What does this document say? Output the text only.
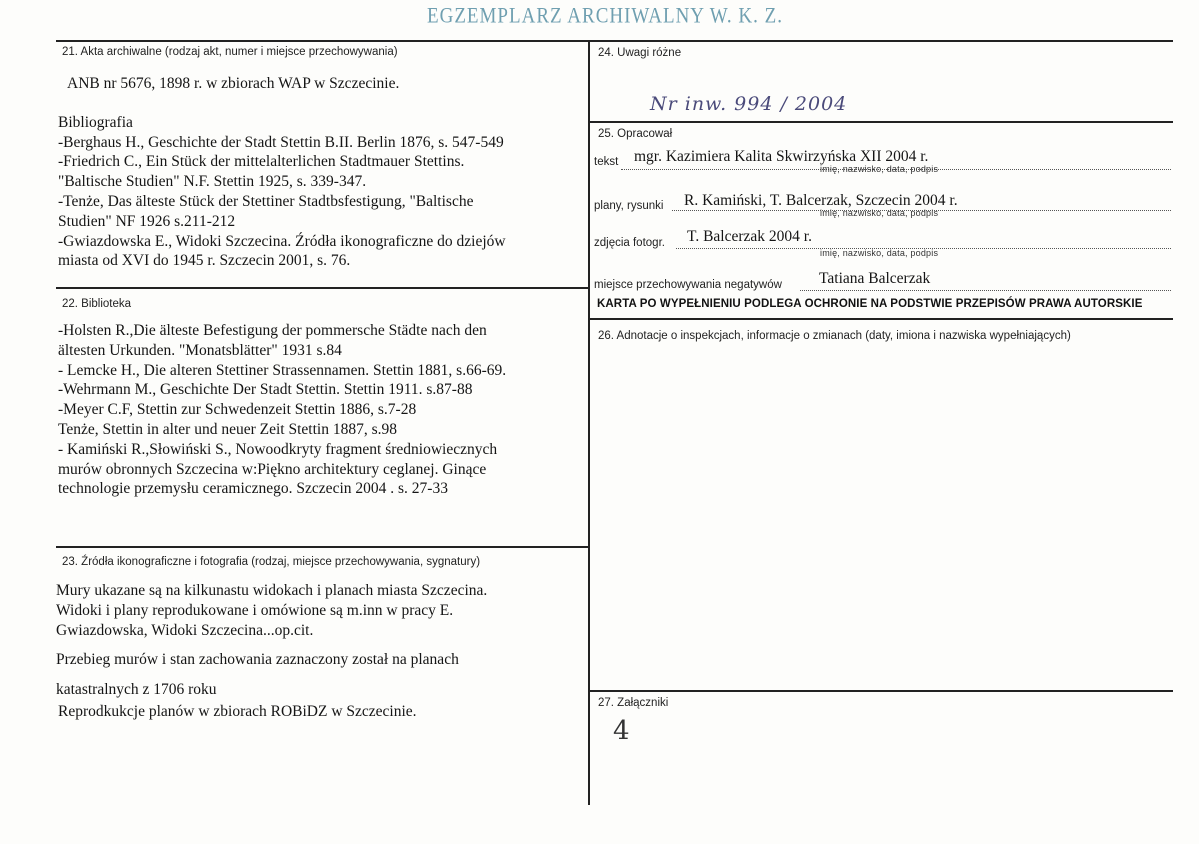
EGZEMPLARZ ARCHIWALNY W. K. Z.
21. Akta archiwalne (rodzaj akt, numer i miejsce przechowywania)
ANB nr 5676, 1898 r. w zbiorach WAP w Szczecinie.
Bibliografia
-Berghaus H., Geschichte der Stadt Stettin B.II. Berlin 1876, s. 547-549
-Friedrich C., Ein Stück der mittelalterlichen Stadtmauer Stettins.
"Baltische Studien" N.F. Stettin 1925, s. 339-347.
-Tenże, Das älteste Stück der Stettiner Stadtbsfestigung, "Baltische
Studien" NF 1926 s.211-212
-Gwiazdowska E., Widoki Szczecina. Źródła ikonograficzne do dziejów
miasta od XVI do 1945 r. Szczecin 2001, s. 76.
22. Biblioteka
-Holsten R.,Die älteste Befestigung der pommersche Städte nach den
ältesten Urkunden. "Monatsblätter" 1931 s.84
- Lemcke H., Die alteren Stettiner Strassennamen. Stettin 1881, s.66-69.
-Wehrmann M., Geschichte Der Stadt Stettin. Stettin 1911. s.87-88
-Meyer C.F, Stettin zur Schwedenzeit Stettin 1886, s.7-28
Tenże, Stettin in alter und neuer Zeit Stettin 1887, s.98
- Kamiński R.,Słowiński S., Nowoodkryty fragment średniowiecznych
murów obronnych Szczecina w:Piękno architektury ceglanej. Ginące
technologie przemysłu ceramicznego. Szczecin 2004 . s. 27-33
23. Źródła ikonograficzne i fotografia (rodzaj, miejsce przechowywania, sygnatury)
Mury ukazane są na kilkunastu widokach i planach miasta Szczecina.
Widoki i plany reprodukowane i omówione są m.inn w pracy E.
Gwiazdowska, Widoki Szczecina...op.cit.
Przebieg murów i stan zachowania zaznaczony został na planach
katastralnych z 1706 roku
Reprodkukcje planów w zbiorach ROBiDZ w Szczecinie.
24. Uwagi różne
Nr inw. 994 / 2004
25. Opracował
tekst mgr. Kazimiera Kalita Skwirzyńska XII 2004 r.
imię, nazwisko, data, podpis
plany, rysunki R. Kamiński, T. Balcerzak, Szczecin 2004 r.
imię, nazwisko, data, podpis
zdjęcia fotogr. T. Balcerzak 2004 r.
imię, nazwisko, data, podpis
miejsce przechowywania negatywów Tatiana Balcerzak
KARTA PO WYPEŁNIENIU PODLEGA OCHRONIE NA PODSTWIE PRZEPISÓW PRAWA AUTORSKIE
26. Adnotacje o inspekcjach, informacje o zmianach (daty, imiona i nazwiska wypełniających)
27. Załączniki
4
